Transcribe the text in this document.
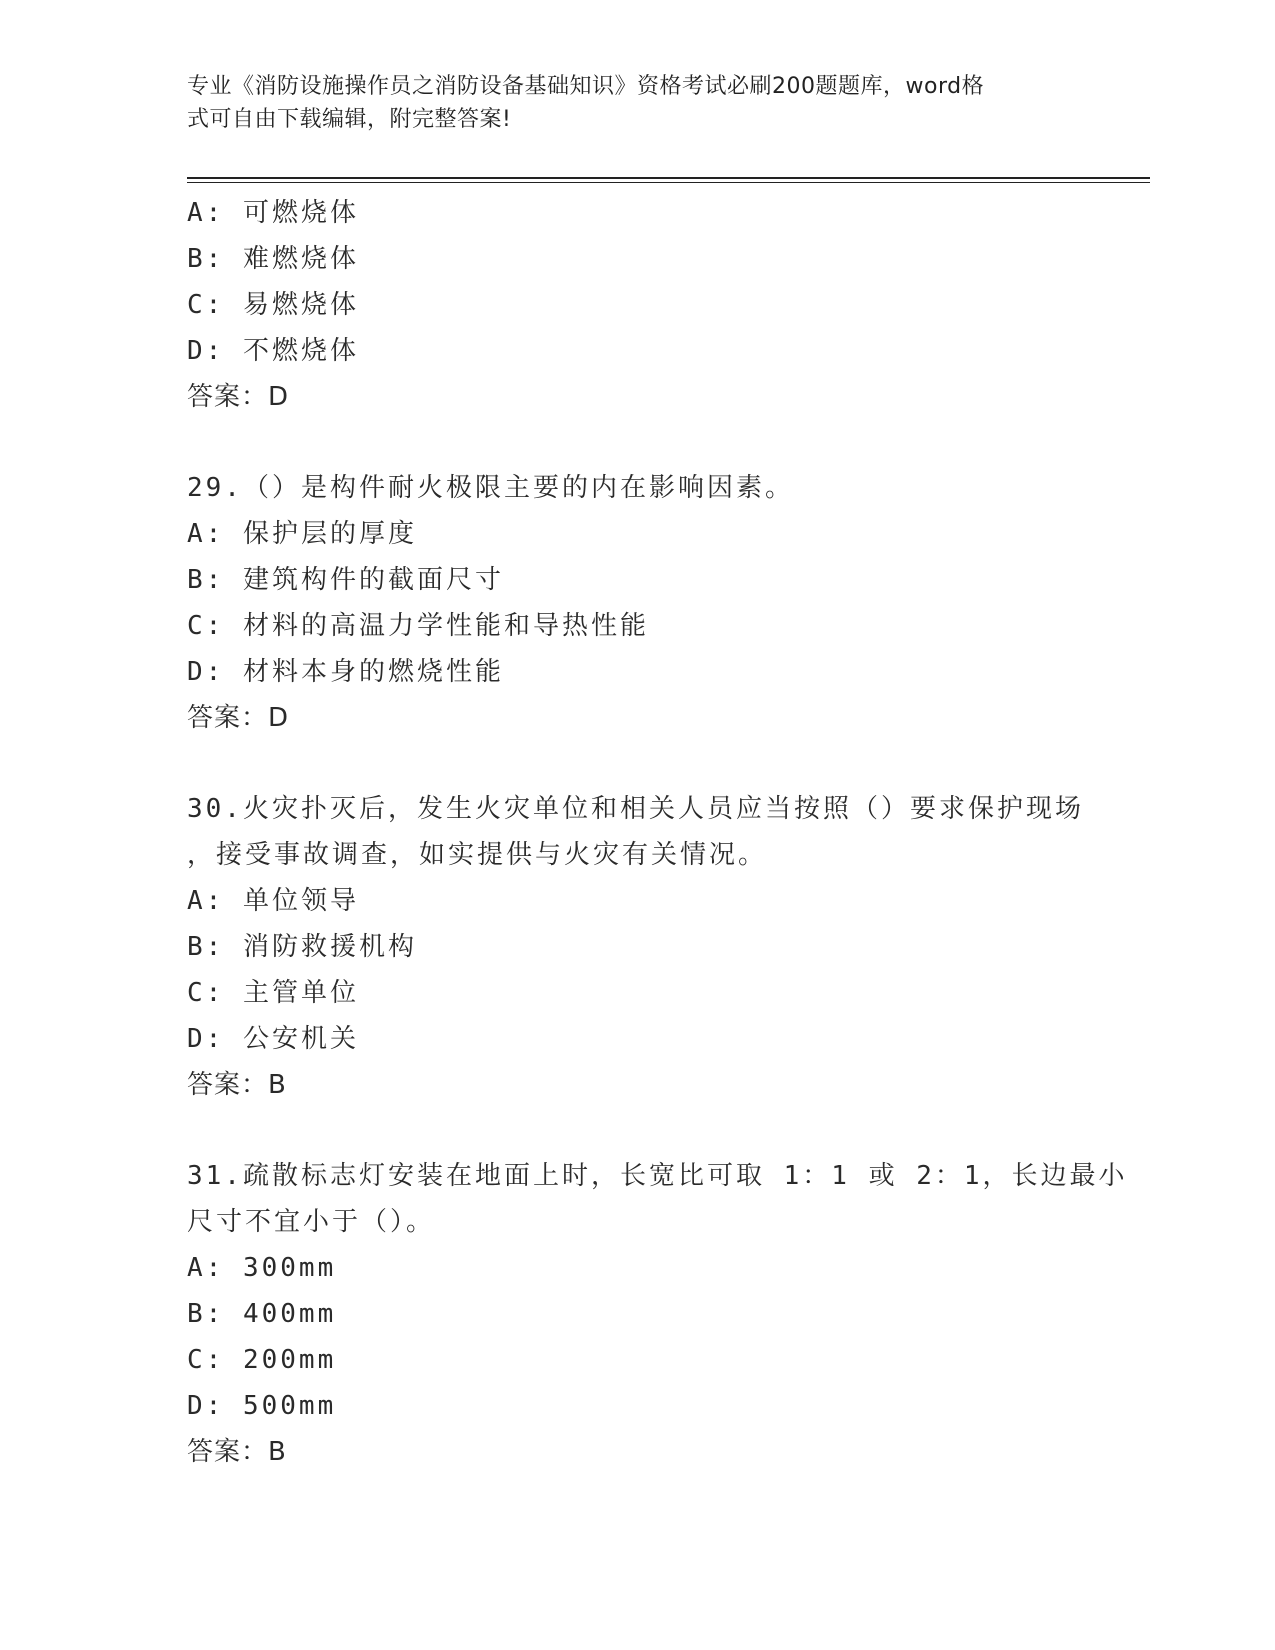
专业《消防设施操作员之消防设备基础知识》资格考试必刷200题题库，word格
式可自由下载编辑，附完整答案!
A: 可燃烧体
B: 难燃烧体
C: 易燃烧体
D: 不燃烧体
答案：D
29.（）是构件耐火极限主要的内在影响因素。
A: 保护层的厚度
B: 建筑构件的截面尺寸
C: 材料的高温力学性能和导热性能
D: 材料本身的燃烧性能
答案：D
30.火灾扑灭后，发生火灾单位和相关人员应当按照（）要求保护现场
，接受事故调查，如实提供与火灾有关情况。
A: 单位领导
B: 消防救援机构
C: 主管单位
D: 公安机关
答案：B
31.疏散标志灯安装在地面上时，长宽比可取 1：1 或 2：1，长边最小
尺寸不宜小于（）。
A: 300mm
B: 400mm
C: 200mm
D: 500mm
答案：B
